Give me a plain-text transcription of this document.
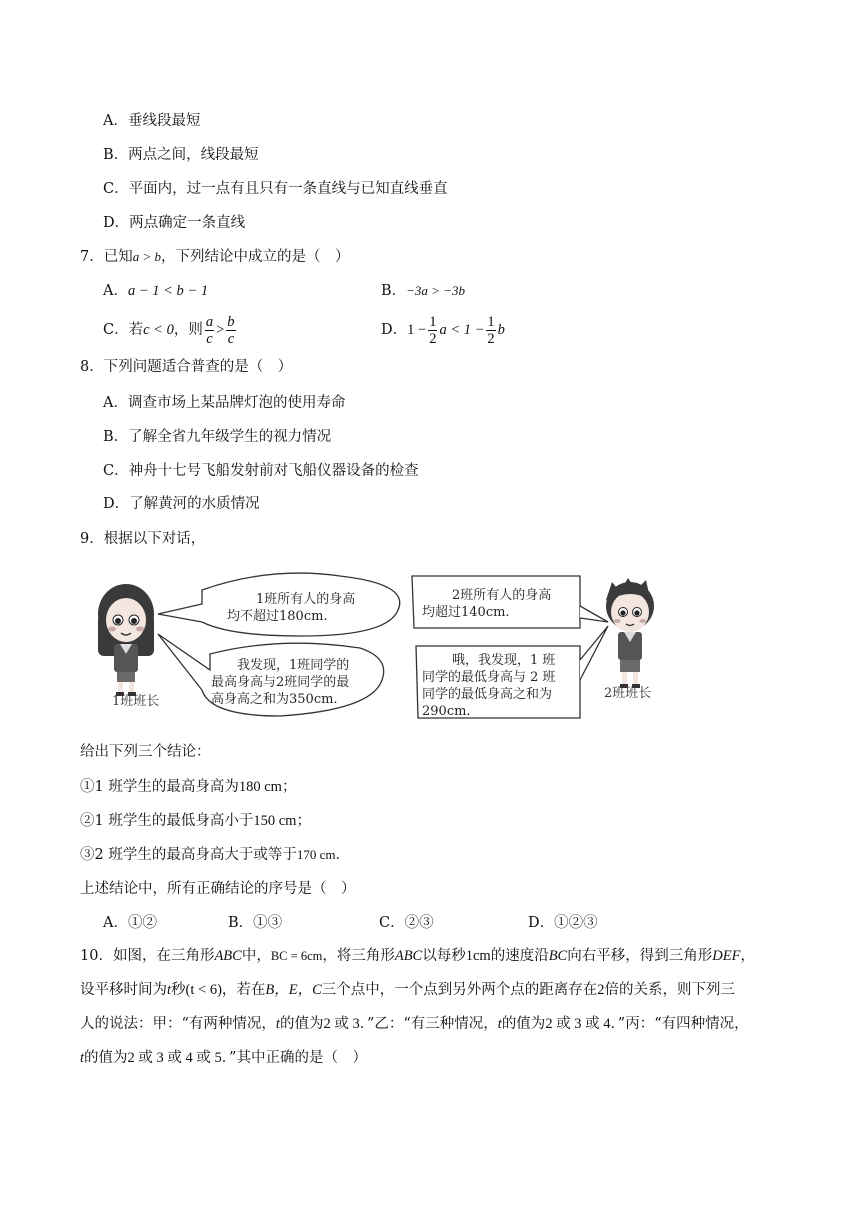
A．垂线段最短
B．两点之间，线段最短
C．平面内，过一点有且只有一条直线与已知直线垂直
D．两点确定一条直线
7．已知a > b，下列结论中成立的是（　）
A．a − 1 < b − 1	B．−3a > −3b
C．若c < 0，则 $\frac{a}{c} > \frac{b}{c}$	D．$1 - \frac{1}{2}$ $a < 1 - \frac{1}{2}$ b
8．下列问题适合普查的是（　）
A．调查市场上某品牌灯泡的使用寿命
B．了解全省九年级学生的视力情况
C．神舟十七号飞船发射前对飞船仪器设备的检查
D．了解黄河的水质情况
9．根据以下对话，
1班所有人的身高
均不超过180cm.
我发现，1班同学的
最高身高与2班同学的最
高身高之和为350cm.
2班所有人的身高
均超过140cm.
哦，我发现，1 班
同学的最低身高与 2 班
同学的最低身高之和为
290cm.
1班班长
2班班长
给出下列三个结论：
①1 班学生的最高身高为180 cm；
②1 班学生的最低身高小于150 cm；
③2 班学生的最高身高大于或等于170 cm．
上述结论中，所有正确结论的序号是（　）
A．①②	B．①③	C．②③	D．①②③
10．如图，在三角形ABC中，BC = 6cm，将三角形ABC以每秒1cm的速度沿BC向右平移，得到三角形DEF，
设平移时间为t秒(t < 6)，若在B，E，C三个点中，一个点到另外两个点的距离存在2倍的关系，则下列三
人的说法：甲：“有两种情况，t的值为2 或 3．”乙：“有三种情况，t的值为2 或 3 或 4．”丙：“有四种情况，
t的值为2 或 3 或 4 或 5．”其中正确的是（　）
